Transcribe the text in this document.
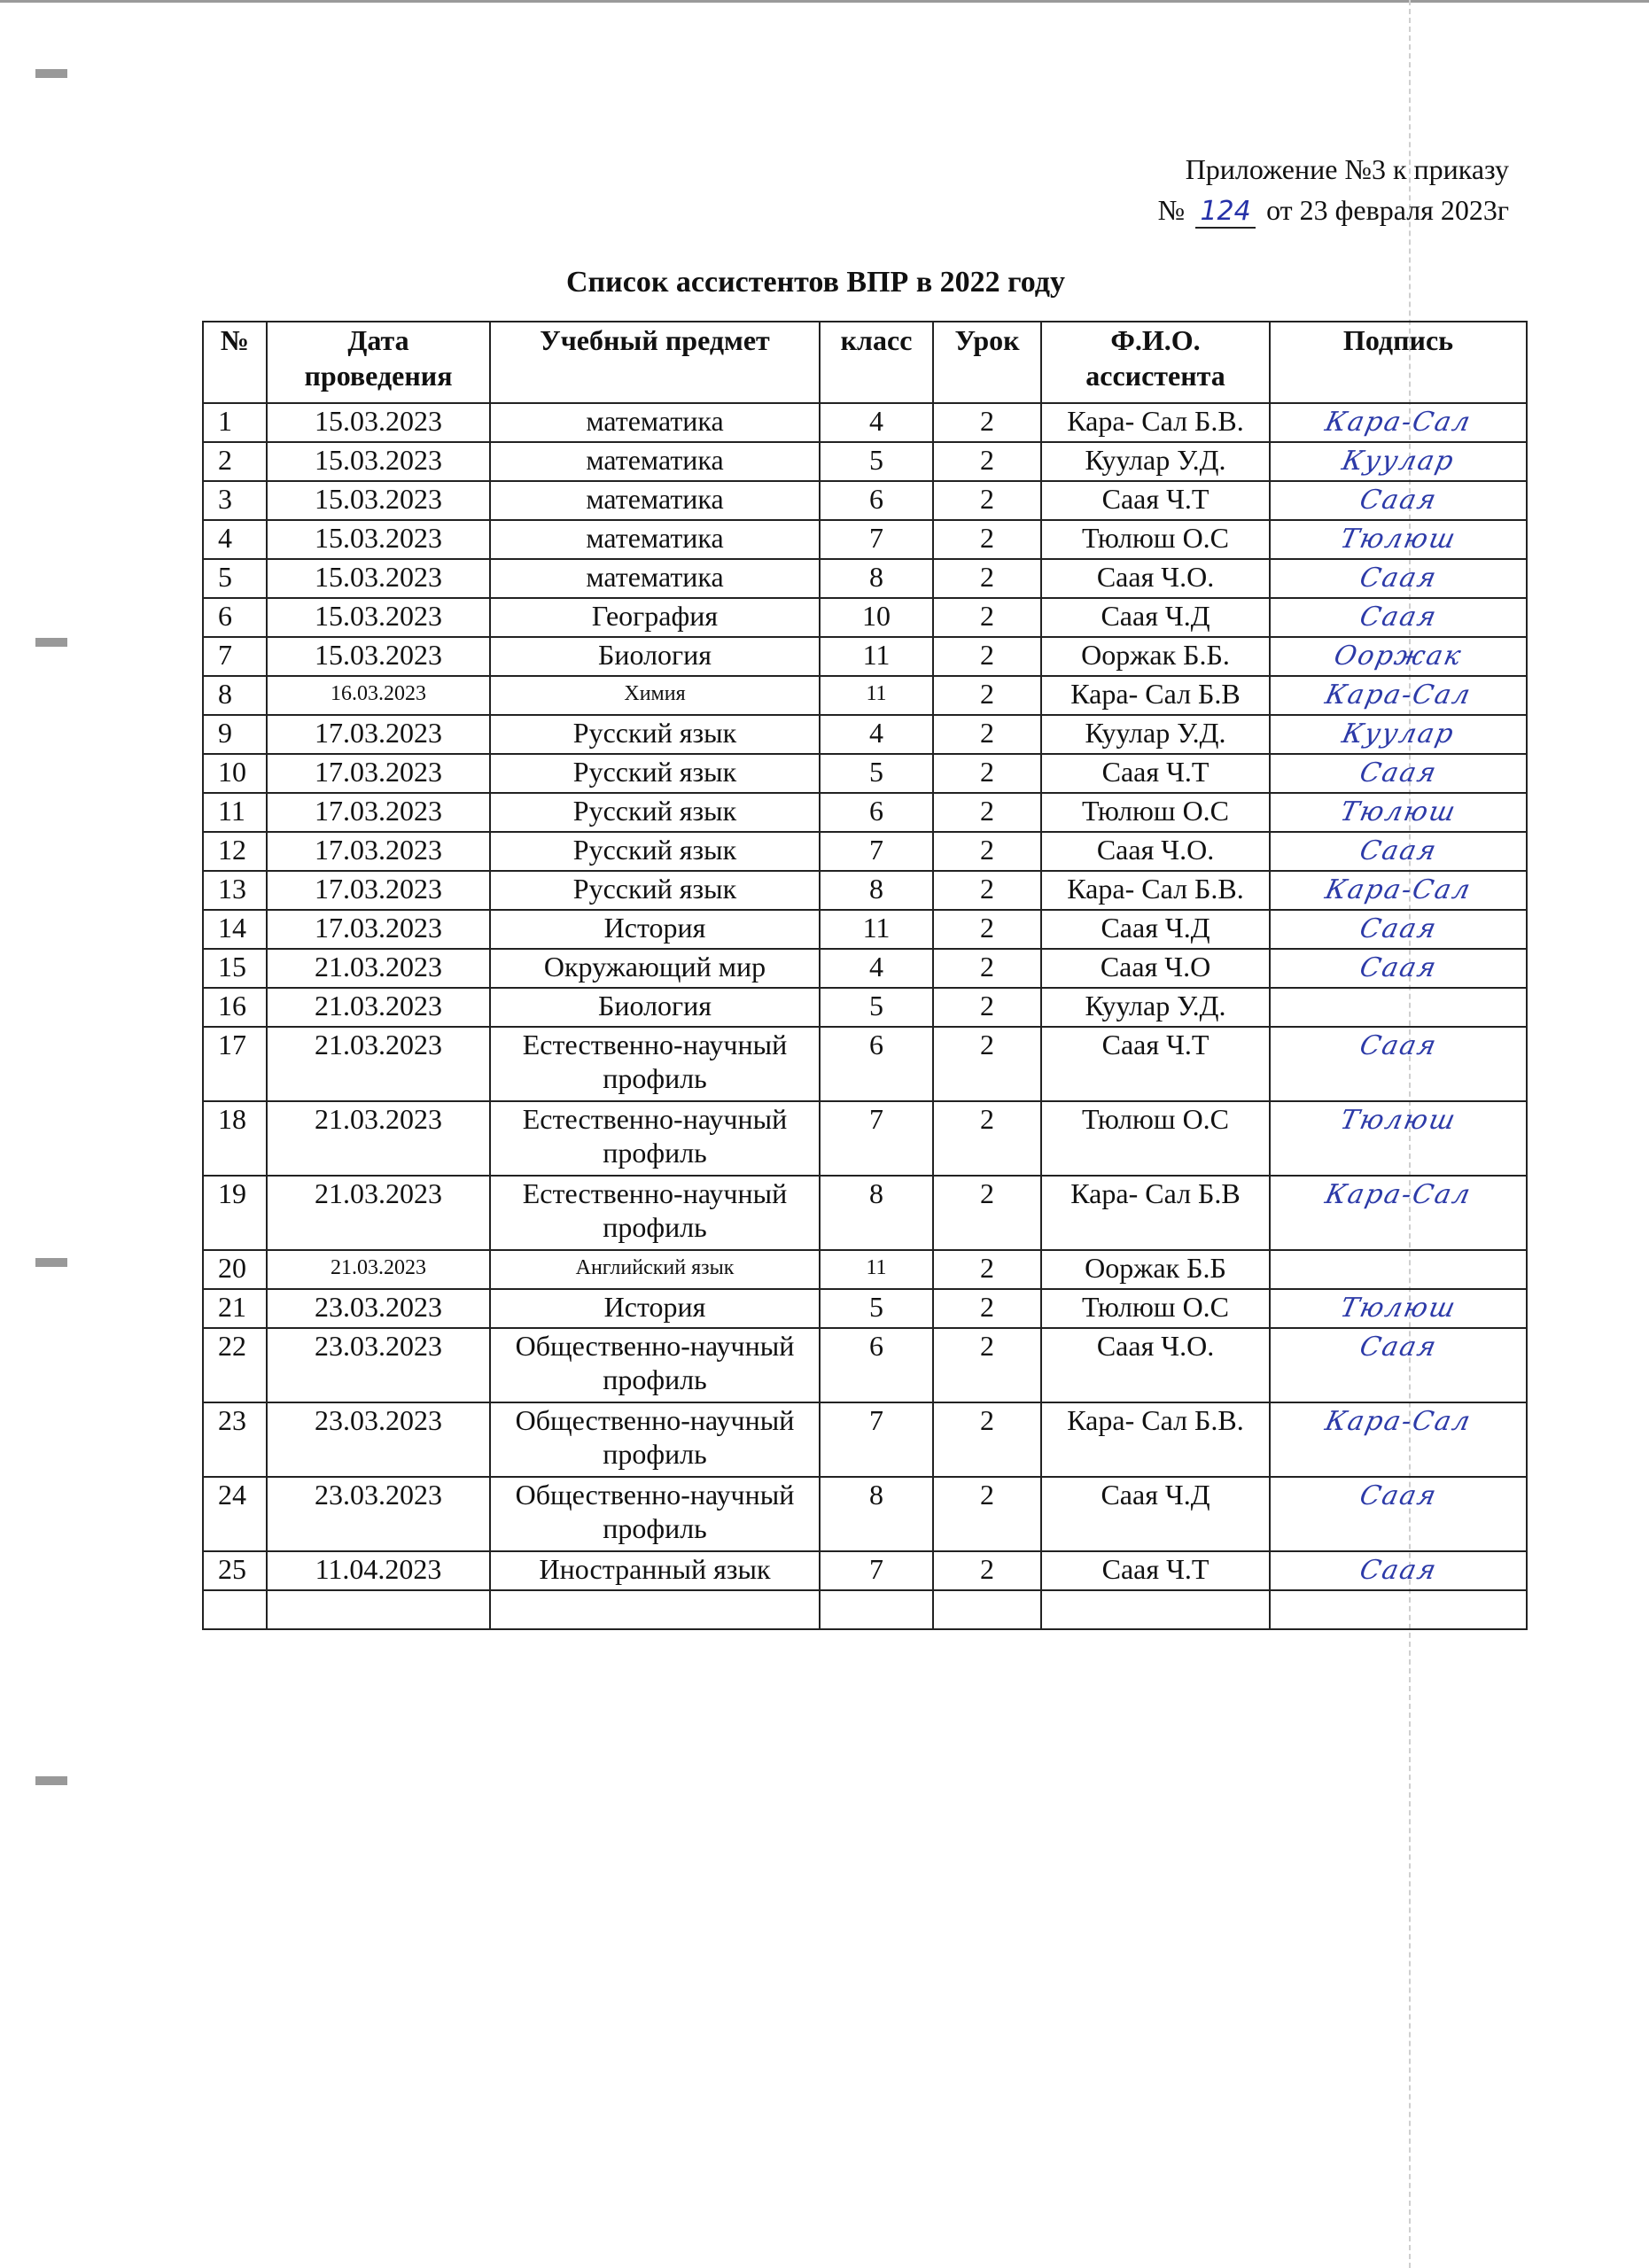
Приложение №3 к приказу
№ 124 от 23 февраля 2023г
Список ассистентов ВПР в 2022 году
№	Дата проведения	Учебный предмет	класс	Урок	Ф.И.О. ассистента	Подпись
1	15.03.2023	математика	4	2	Кара- Сал Б.В.	Кара-Сал
2	15.03.2023	математика	5	2	Куулар У.Д.	Куулар
3	15.03.2023	математика	6	2	Саая Ч.Т	Саая
4	15.03.2023	математика	7	2	Тюлюш О.С	Тюлюш
5	15.03.2023	математика	8	2	Саая Ч.О.	Саая
6	15.03.2023	География	10	2	Саая Ч.Д	Саая
7	15.03.2023	Биология	11	2	Ооржак Б.Б.	Ооржак
8	16.03.2023	Химия	11	2	Кара- Сал Б.В	Кара-Сал
9	17.03.2023	Русский язык	4	2	Куулар У.Д.	Куулар
10	17.03.2023	Русский язык	5	2	Саая Ч.Т	Саая
11	17.03.2023	Русский язык	6	2	Тюлюш О.С	Тюлюш
12	17.03.2023	Русский язык	7	2	Саая Ч.О.	Саая
13	17.03.2023	Русский язык	8	2	Кара- Сал Б.В.	Кара-Сал
14	17.03.2023	История	11	2	Саая Ч.Д	Саая
15	21.03.2023	Окружающий мир	4	2	Саая Ч.О	Саая
16	21.03.2023	Биология	5	2	Куулар У.Д.	
17	21.03.2023	Естественно-научный профиль	6	2	Саая Ч.Т	Саая
18	21.03.2023	Естественно-научный профиль	7	2	Тюлюш О.С	Тюлюш
19	21.03.2023	Естественно-научный профиль	8	2	Кара- Сал Б.В	Кара-Сал
20	21.03.2023	Английский язык	11	2	Ооржак Б.Б	
21	23.03.2023	История	5	2	Тюлюш О.С	Тюлюш
22	23.03.2023	Общественно-научный профиль	6	2	Саая Ч.О.	Саая
23	23.03.2023	Общественно-научный профиль	7	2	Кара- Сал Б.В.	Кара-Сал
24	23.03.2023	Общественно-научный профиль	8	2	Саая Ч.Д	Саая
25	11.04.2023	Иностранный язык	7	2	Саая Ч.Т	Саая
